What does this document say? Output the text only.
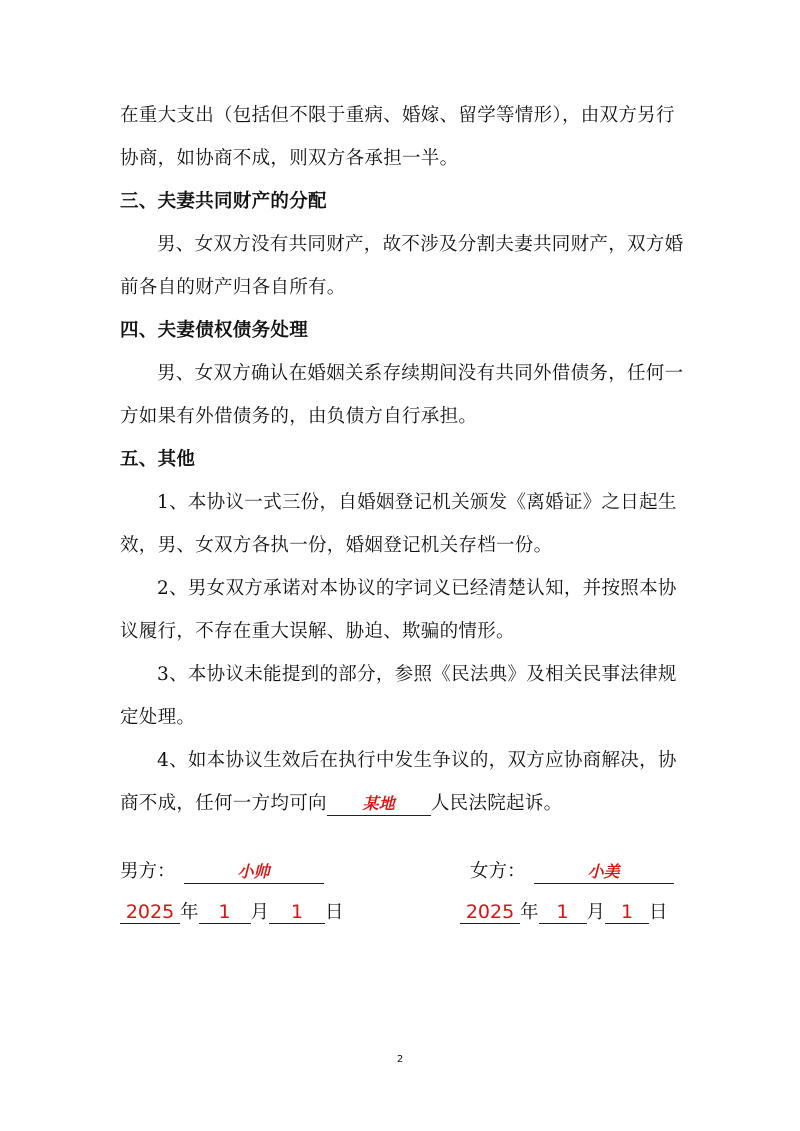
在重大支出（包括但不限于重病、婚嫁、留学等情形），由双方另行
协商，如协商不成，则双方各承担一半。
三、夫妻共同财产的分配
男、女双方没有共同财产，故不涉及分割夫妻共同财产，双方婚
前各自的财产归各自所有。
四、夫妻债权债务处理
男、女双方确认在婚姻关系存续期间没有共同外借债务，任何一
方如果有外借债务的，由负债方自行承担。
五、其他
1、本协议一式三份，自婚姻登记机关颁发《离婚证》之日起生
效，男、女双方各执一份，婚姻登记机关存档一份。
2、男女双方承诺对本协议的字词义已经清楚认知，并按照本协
议履行，不存在重大误解、胁迫、欺骗的情形。
3、本协议未能提到的部分，参照《民法典》及相关民事法律规
定处理。
4、如本协议生效后在执行中发生争议的，双方应协商解决，协
商不成，任何一方均可向 某地 人民法院起诉。
男方：	小帅
2025 年 1 月 1 日
女方：	小美
2025 年 1 月 1 日
2
